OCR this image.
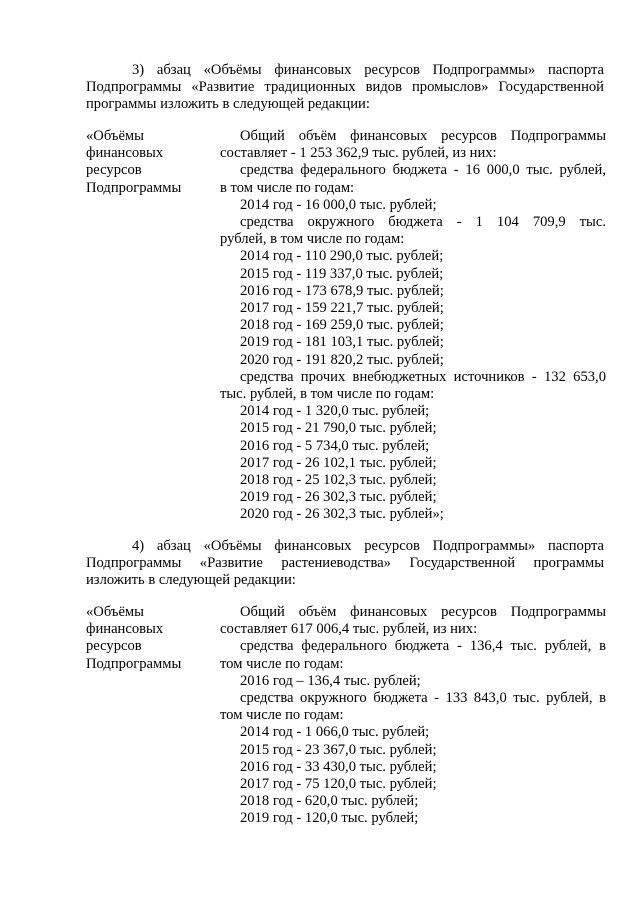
3) абзац «Объёмы финансовых ресурсов Подпрограммы» паспорта
Подпрограммы «Развитие традиционных видов промыслов» Государственной
программы изложить в следующей редакции:
«Объёмы
финансовых
ресурсов
Подпрограммы
Общий объём финансовых ресурсов Подпрограммы
составляет - 1 253 362,9 тыс. рублей, из них:
средства федерального бюджета - 16 000,0 тыс. рублей,
в том числе по годам:
2014 год - 16 000,0 тыс. рублей;
средства окружного бюджета - 1 104 709,9 тыс.
рублей, в том числе по годам:
2014 год - 110 290,0 тыс. рублей;
2015 год - 119 337,0 тыс. рублей;
2016 год - 173 678,9 тыс. рублей;
2017 год - 159 221,7 тыс. рублей;
2018 год - 169 259,0 тыс. рублей;
2019 год - 181 103,1 тыс. рублей;
2020 год - 191 820,2 тыс. рублей;
средства прочих внебюджетных источников - 132 653,0
тыс. рублей, в том числе по годам:
2014 год - 1 320,0 тыс. рублей;
2015 год - 21 790,0 тыс. рублей;
2016 год - 5 734,0 тыс. рублей;
2017 год - 26 102,1 тыс. рублей;
2018 год - 25 102,3 тыс. рублей;
2019 год - 26 302,3 тыс. рублей;
2020 год - 26 302,3 тыс. рублей»;
4) абзац «Объёмы финансовых ресурсов Подпрограммы» паспорта
Подпрограммы «Развитие растениеводства» Государственной программы
изложить в следующей редакции:
«Объёмы
финансовых
ресурсов
Подпрограммы
Общий объём финансовых ресурсов Подпрограммы
составляет 617 006,4 тыс. рублей, из них:
средства федерального бюджета - 136,4 тыс. рублей, в
том числе по годам:
2016 год – 136,4 тыс. рублей;
средства окружного бюджета - 133 843,0 тыс. рублей, в
том числе по годам:
2014 год - 1 066,0 тыс. рублей;
2015 год - 23 367,0 тыс. рублей;
2016 год - 33 430,0 тыс. рублей;
2017 год - 75 120,0 тыс. рублей;
2018 год - 620,0 тыс. рублей;
2019 год - 120,0 тыс. рублей;
